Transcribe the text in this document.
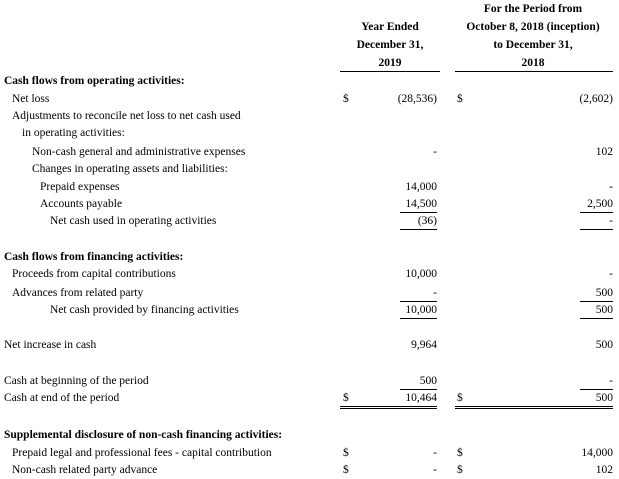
Year Ended
December 31,
2019
For the Period from
October 8, 2018 (inception)
to December 31,
2018
Cash flows from operating activities:
Net loss	$	(28,536) $	(2,602)
Adjustments to reconcile net loss to net cash used
in operating activities:
Non-cash general and administrative expenses	-	102
Changes in operating assets and liabilities:
Prepaid expenses	14,000	-
Accounts payable	14,500	2,500
Net cash used in operating activities	(36)	-
Cash flows from financing activities:
Proceeds from capital contributions	10,000	-
Advances from related party	-	500
Net cash provided by financing activities	10,000	500
Net increase in cash	9,964	500
Cash at beginning of the period	500	-
Cash at end of the period	$	10,464 $	500
Supplemental disclosure of non-cash financing activities:
Prepaid legal and professional fees - capital contribution	$	- $	14,000
Non-cash related party advance	$	- $	102
